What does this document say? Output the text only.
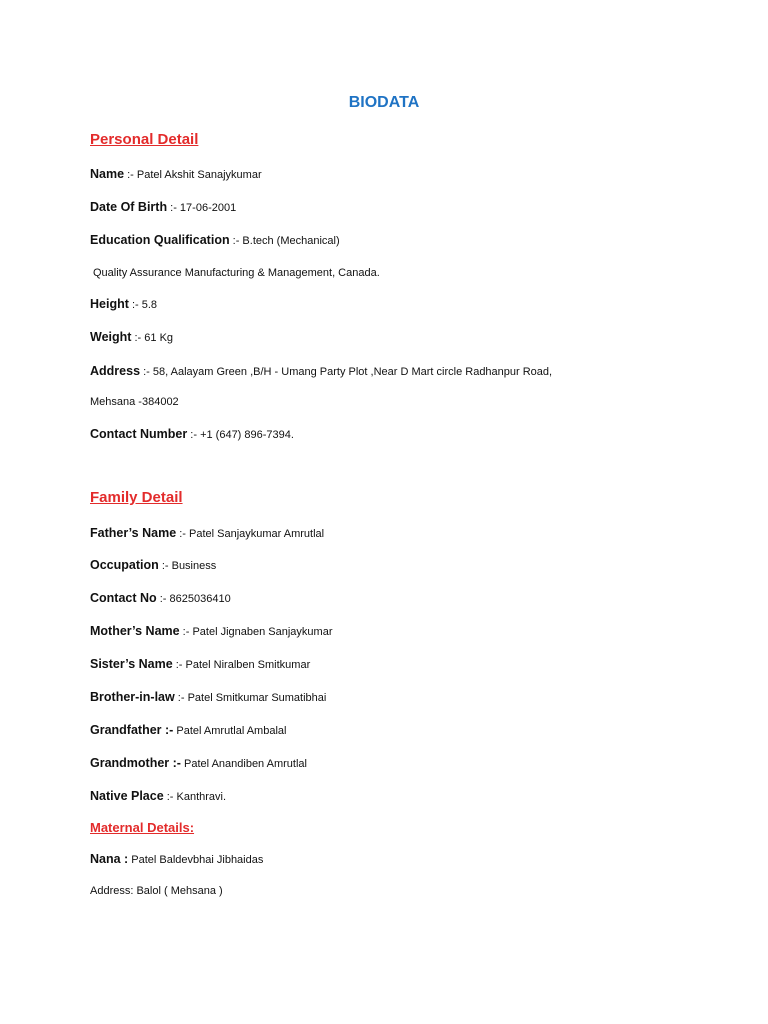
BIODATA
Personal Detail

Name :- Patel Akshit Sanajykumar

Date Of Birth :- 17-06-2001

Education Qualification :- B.tech (Mechanical)

Quality Assurance Manufacturing & Management, Canada.

Height :- 5.8

Weight :- 61 Kg

Address :- 58, Aalayam Green ,B/H - Umang Party Plot ,Near D Mart circle Radhanpur Road,

Mehsana -384002

Contact Number :- +1 (647) 896-7394.

Family Detail

Father’s Name :- Patel Sanjaykumar Amrutlal

Occupation :- Business

Contact No :- 8625036410

Mother’s Name :- Patel Jignaben Sanjaykumar

Sister’s Name :- Patel Niralben Smitkumar

Brother-in-law :- Patel Smitkumar Sumatibhai

Grandfather :- Patel Amrutlal Ambalal

Grandmother :- Patel Anandiben Amrutlal

Native Place :- Kanthravi.

Maternal Details:

Nana : Patel Baldevbhai Jibhaidas

Address: Balol ( Mehsana )
